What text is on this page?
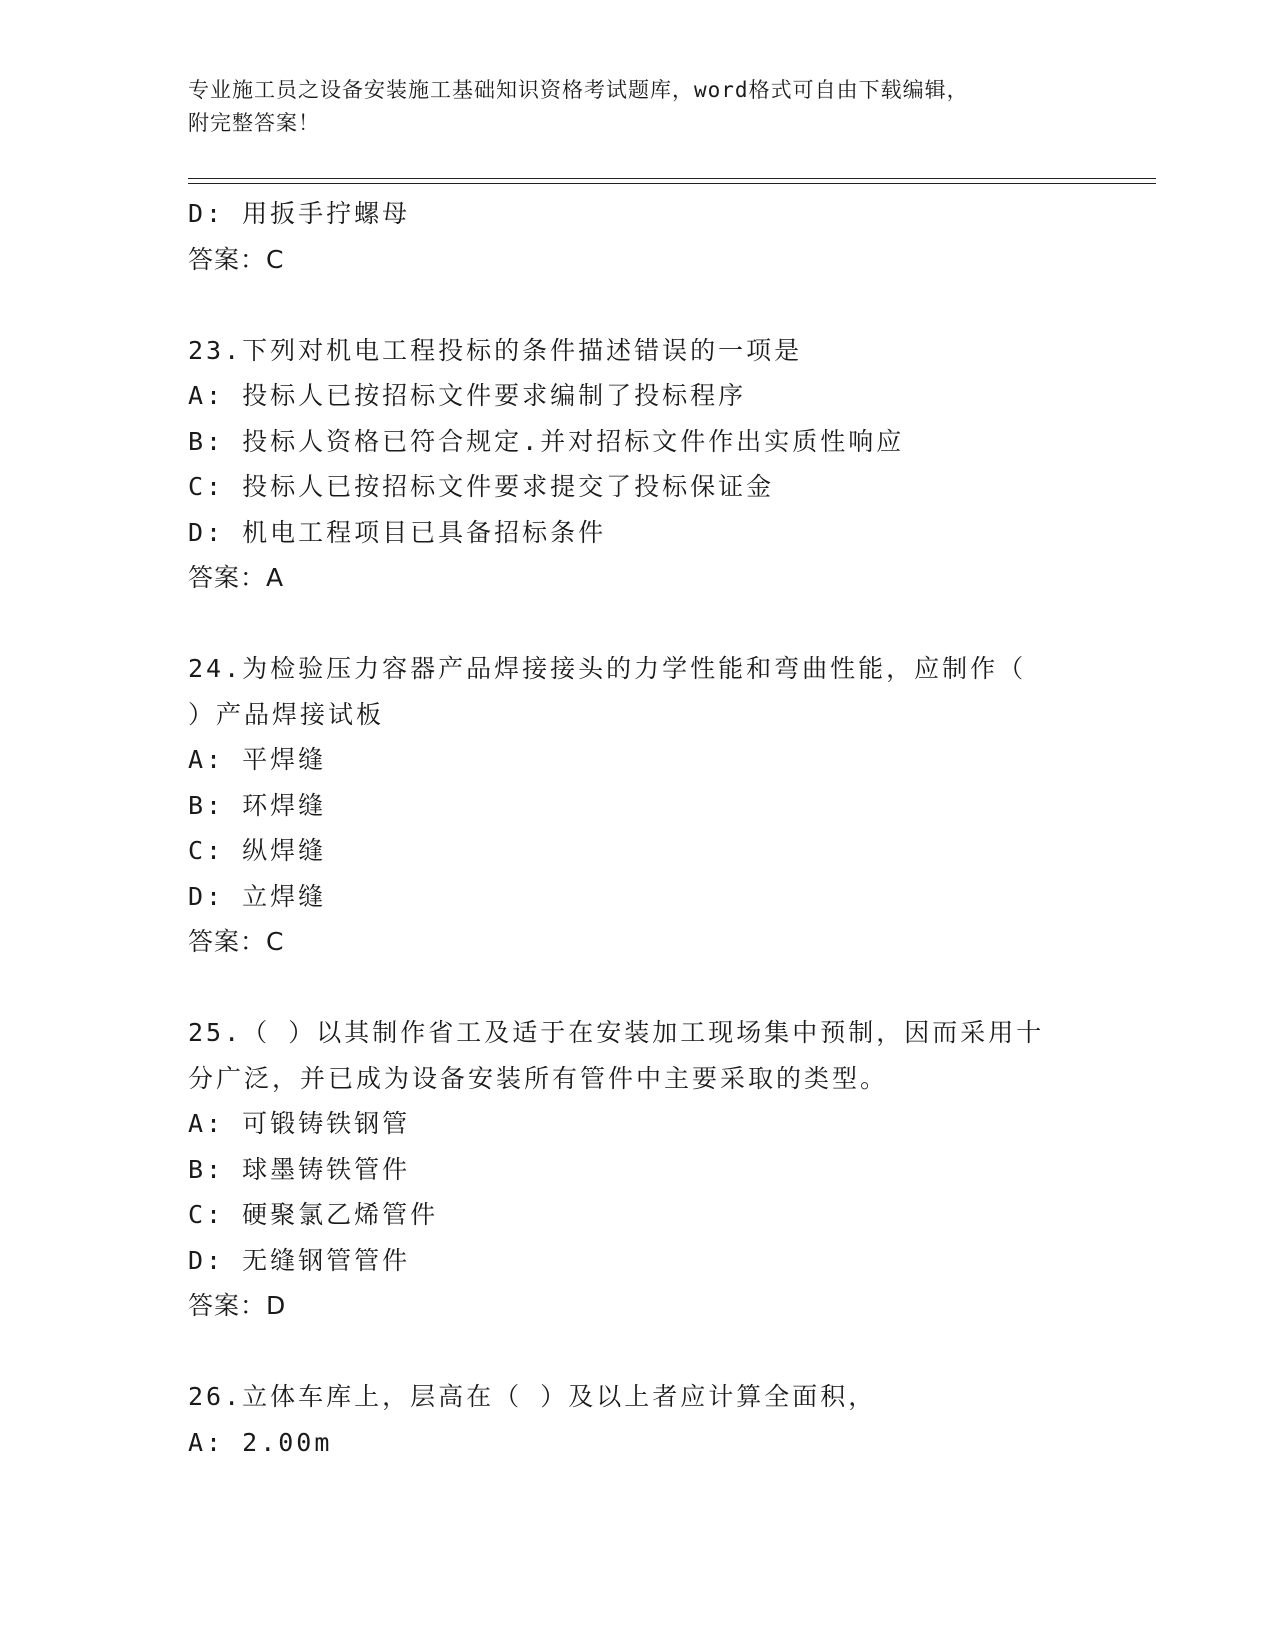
专业施工员之设备安装施工基础知识资格考试题库，word格式可自由下载编辑，
附完整答案！
D: 用扳手拧螺母
答案：C
23.下列对机电工程投标的条件描述错误的一项是
A: 投标人已按招标文件要求编制了投标程序
B: 投标人资格已符合规定.并对招标文件作出实质性响应
C: 投标人已按招标文件要求提交了投标保证金
D: 机电工程项目已具备招标条件
答案：A
24.为检验压力容器产品焊接接头的力学性能和弯曲性能，应制作（
）产品焊接试板
A: 平焊缝
B: 环焊缝
C: 纵焊缝
D: 立焊缝
答案：C
25.（ ）以其制作省工及适于在安装加工现场集中预制，因而采用十
分广泛，并已成为设备安装所有管件中主要采取的类型。
A: 可锻铸铁钢管
B: 球墨铸铁管件
C: 硬聚氯乙烯管件
D: 无缝钢管管件
答案：D
26.立体车库上，层高在（ ）及以上者应计算全面积，
A: 2.00m
